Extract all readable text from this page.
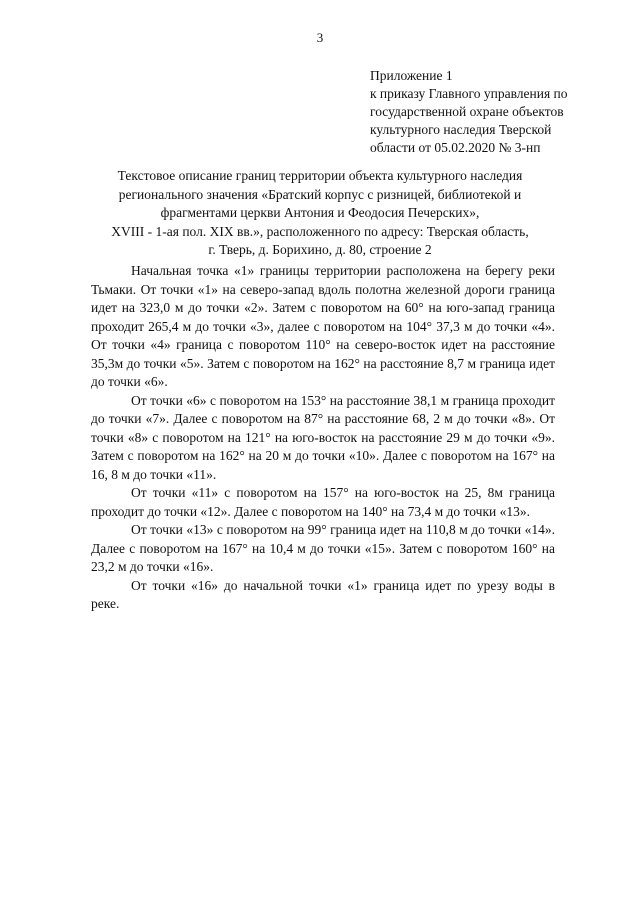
3
Приложение 1
к приказу Главного управления по
государственной охране объектов
культурного наследия Тверской
области от 05.02.2020 № 3-нп
Текстовое описание границ территории объекта культурного наследия
регионального значения «Братский корпус с ризницей, библиотекой и
фрагментами церкви Антония и Феодосия Печерских»,
XVIII - 1-ая пол. XIX вв.», расположенного по адресу: Тверская область,
г. Тверь, д. Борихино, д. 80, строение 2

Начальная точка «1» границы территории расположена на берегу реки Тьмаки. От точки «1» на северо-запад вдоль полотна железной дороги граница идет на 323,0 м до точки «2». Затем с поворотом на 60° на юго-запад граница проходит 265,4 м до точки «3», далее с поворотом на 104° 37,3 м до точки «4». От точки «4» граница с поворотом 110° на северо-восток идет на расстояние 35,3м до точки «5». Затем с поворотом на 162° на расстояние 8,7 м граница идет до точки «6».

От точки «6» с поворотом на 153° на расстояние 38,1 м граница проходит до точки «7». Далее с поворотом на 87° на расстояние 68, 2 м до точки «8». От точки «8» с поворотом на 121° на юго-восток на расстояние 29 м до точки «9». Затем с поворотом на 162° на 20 м до точки «10». Далее с поворотом на 167° на 16, 8 м до точки «11».

От точки «11» с поворотом на 157° на юго-восток на 25, 8м граница проходит до точки «12». Далее с поворотом на 140° на 73,4 м до точки «13».

От точки «13» с поворотом на 99° граница идет на 110,8 м до точки «14». Далее с поворотом на 167° на 10,4 м до точки «15». Затем с поворотом 160° на 23,2 м до точки «16».

От точки «16» до начальной точки «1» граница идет по урезу воды в реке.
